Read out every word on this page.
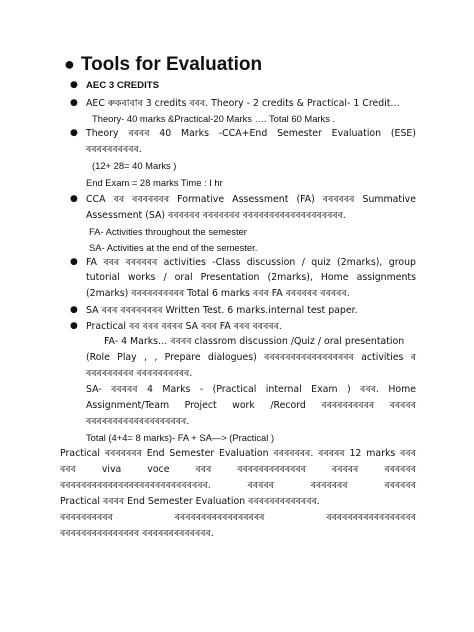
● Tools for Evaluation
● AEC 3 CREDITS
● AEC ৰুকৰাৰাৰ 3 credits ৰৰৰ. Theory - 2 credits & Practical- 1 Credit...
Theory- 40 marks &Practical-20 Marks …. Total 60 Marks .
● Theory ৰৰৰৰ 40 Marks -CCA+End Semester Evaluation (ESE)
ৰৰৰৰৰৰৰৰৰৰ.
(12+ 28= 40 Marks )
End Exam = 28 marks Time : I hr
● CCA ৰৰ ৰৰৰৰৰৰৰ Formative Assessment (FA) ৰৰৰৰৰৰ Summative
Assessment (SA) ৰৰৰৰৰৰ ৰৰৰৰৰৰৰ ৰৰৰৰৰৰৰৰৰৰৰৰৰৰৰৰৰৰৰ.
FA- Activities throughout the semester
SA- Activities at the end of the semester.
● FA ৰৰৰ ৰৰৰৰৰৰ activities -Class discussion / quiz (2marks), group
tutorial works / oral Presentation (2marks), Home assignments
(2marks) ৰৰৰৰৰৰৰৰৰৰ Total 6 marks ৰৰৰ FA ৰৰৰৰৰৰ ৰৰৰৰৰ.
● SA ৰৰৰ ৰৰৰৰৰৰৰৰ Written Test. 6 marks.internal test paper.
● Practical ৰৰ ৰৰৰ ৰৰৰৰ SA ৰৰৰ FA ৰৰৰ ৰৰৰৰৰ.
FA- 4 Marks… ৰৰৰৰ classrom discussion /Quiz / oral presentation
(Role Play , , Prepare dialogues) ৰৰৰৰৰৰৰৰৰৰৰৰৰৰৰৰৰ activities ৰ
ৰৰৰৰৰৰৰৰৰ ৰৰৰৰৰৰৰৰৰৰ.
SA- ৰৰৰৰৰ 4 Marks - (Practical internal Exam ) ৰৰৰ. Home
Assignment/Team Project work /Record ৰৰৰৰৰৰৰৰৰৰ ৰৰৰৰৰ
ৰৰৰৰৰৰৰৰৰৰৰৰৰৰৰৰৰৰৰ.
Total (4+4= 8 marks)- FA + SA—> (Practical )
Practical ৰৰৰৰৰৰৰ End Semester Evaluation ৰৰৰৰৰৰৰ. ৰৰৰৰৰ 12 marks ৰৰৰ
ৰৰৰ viva voce ৰৰৰ ৰৰৰৰৰৰৰৰৰৰৰৰৰ ৰৰৰৰৰ ৰৰৰৰৰৰ
ৰৰৰৰৰৰৰৰৰৰৰৰৰৰৰৰৰৰৰৰৰৰৰৰৰৰৰৰ. ৰৰৰৰৰ ৰৰৰৰৰৰৰ ৰৰৰৰৰৰ
Practical ৰৰৰৰ End Semester Evaluation ৰৰৰৰৰৰৰৰৰৰৰৰৰ.
ৰৰৰৰৰৰৰৰৰৰ ৰৰৰৰৰৰৰৰৰৰৰৰৰৰৰৰৰ ৰৰৰৰৰৰৰৰৰৰৰৰৰৰৰৰৰ
ৰৰৰৰৰৰৰৰৰৰৰৰৰৰৰ ৰৰৰৰৰৰৰৰৰৰৰৰৰ.
